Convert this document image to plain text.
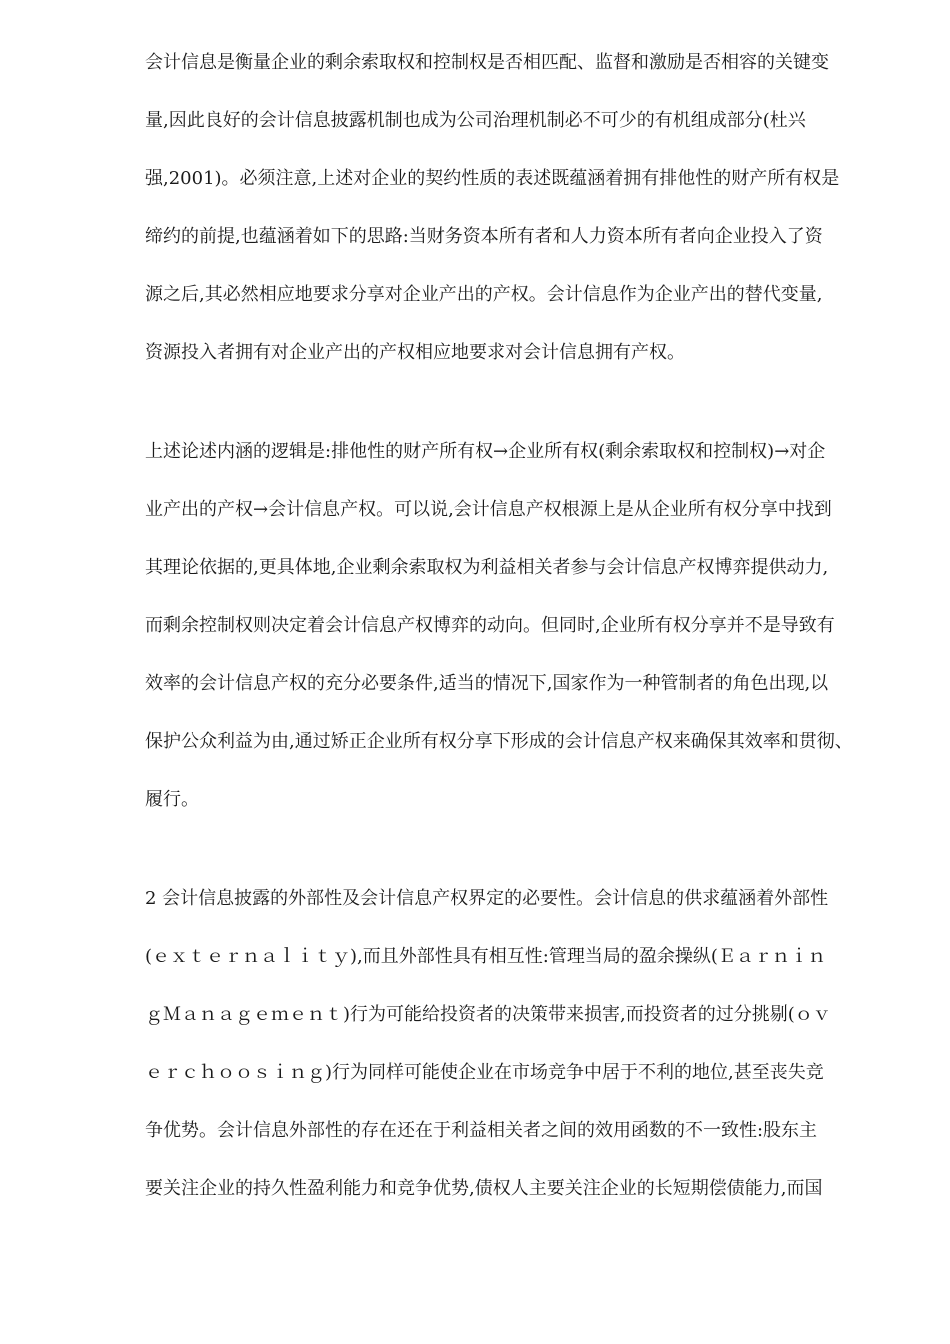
会计信息是衡量企业的剩余索取权和控制权是否相匹配、监督和激励是否相容的关键变

量,因此良好的会计信息披露机制也成为公司治理机制必不可少的有机组成部分(杜兴

强,2001)。必须注意,上述对企业的契约性质的表述既蕴涵着拥有排他性的财产所有权是

缔约的前提,也蕴涵着如下的思路:当财务资本所有者和人力资本所有者向企业投入了资

源之后,其必然相应地要求分享对企业产出的产权。会计信息作为企业产出的替代变量,

资源投入者拥有对企业产出的产权相应地要求对会计信息拥有产权。

上述论述内涵的逻辑是:排他性的财产所有权→企业所有权(剩余索取权和控制权)→对企

业产出的产权→会计信息产权。可以说,会计信息产权根源上是从企业所有权分享中找到

其理论依据的,更具体地,企业剩余索取权为利益相关者参与会计信息产权博弈提供动力,

而剩余控制权则决定着会计信息产权博弈的动向。但同时,企业所有权分享并不是导致有

效率的会计信息产权的充分必要条件,适当的情况下,国家作为一种管制者的角色出现,以

保护公众利益为由,通过矫正企业所有权分享下形成的会计信息产权来确保其效率和贯彻、

履行。

2 会计信息披露的外部性及会计信息产权界定的必要性。会计信息的供求蕴涵着外部性

(ｅｘｔｅｒｎａｌｉｔｙ),而且外部性具有相互性:管理当局的盈余操纵(Ｅａｒｎｉｎ

ｇＭａｎａｇｅｍｅｎｔ)行为可能给投资者的决策带来损害,而投资者的过分挑剔(ｏｖ

ｅｒｃｈｏｏｓｉｎｇ)行为同样可能使企业在市场竞争中居于不利的地位,甚至丧失竞

争优势。会计信息外部性的存在还在于利益相关者之间的效用函数的不一致性:股东主

要关注企业的持久性盈利能力和竞争优势,债权人主要关注企业的长短期偿债能力,而国
